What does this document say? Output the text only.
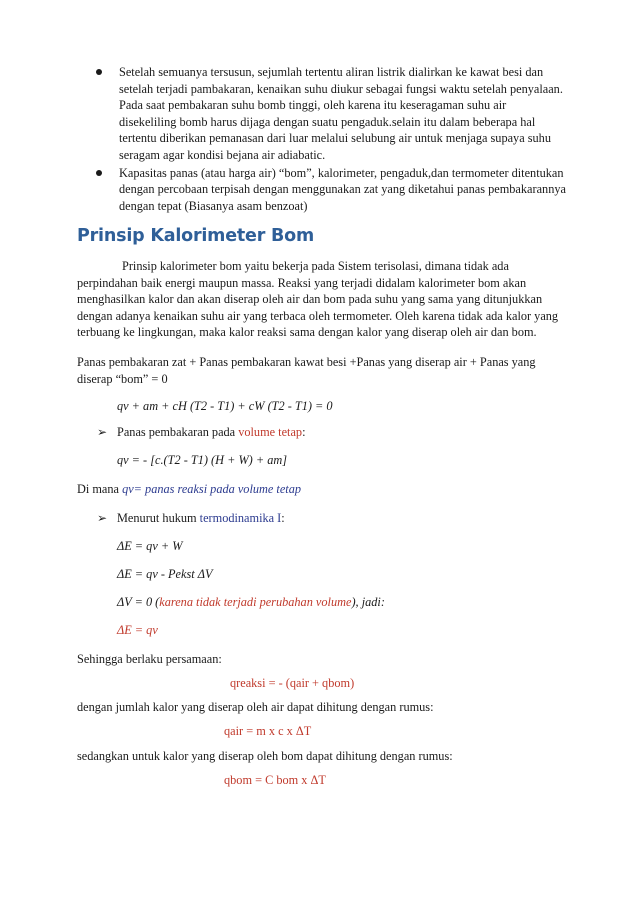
Setelah semuanya tersusun, sejumlah tertentu aliran listrik dialirkan ke kawat besi dan setelah terjadi pambakaran, kenaikan suhu diukur sebagai fungsi waktu setelah penyalaan. Pada saat pembakaran suhu bomb tinggi, oleh karena itu keseragaman suhu air disekeliling bomb harus dijaga dengan suatu pengaduk.selain itu dalam beberapa hal tertentu diberikan pemanasan dari luar melalui selubung air untuk menjaga supaya suhu seragam agar kondisi bejana air adiabatic.
Kapasitas panas (atau harga air) “bom”, kalorimeter, pengaduk,dan termometer ditentukan dengan percobaan terpisah dengan menggunakan zat yang diketahui panas pembakarannya dengan tepat (Biasanya asam benzoat)
Prinsip Kalorimeter Bom

Prinsip kalorimeter bom yaitu bekerja pada Sistem terisolasi, dimana tidak ada perpindahan baik energi maupun massa. Reaksi yang terjadi didalam kalorimeter bom akan menghasilkan kalor dan akan diserap oleh air dan bom pada suhu yang sama yang ditunjukkan dengan adanya kenaikan suhu air yang terbaca oleh termometer. Oleh karena tidak ada kalor yang terbuang ke lingkungan, maka kalor reaksi sama dengan kalor yang diserap oleh air dan bom.

Panas pembakaran zat + Panas pembakaran kawat besi +Panas yang diserap air + Panas yang diserap “bom” = 0

qv + am + cH (T2 - T1) + cW (T2 - T1) = 0

➢ Panas pembakaran pada volume tetap:

qv = - [c.(T2 - T1) (H + W) + am]

Di mana qv= panas reaksi pada volume tetap

➢ Menurut hukum termodinamika I:

ΔE = qv + W

ΔE = qv - Pekst ΔV

ΔV = 0 (karena tidak terjadi perubahan volume), jadi:

ΔE = qv

Sehingga berlaku persamaan:

qreaksi = - (qair + qbom)

dengan jumlah kalor yang diserap oleh air dapat dihitung dengan rumus:

qair = m x c x ΔT

sedangkan untuk kalor yang diserap oleh bom dapat dihitung dengan rumus:

qbom = C bom x ΔT
